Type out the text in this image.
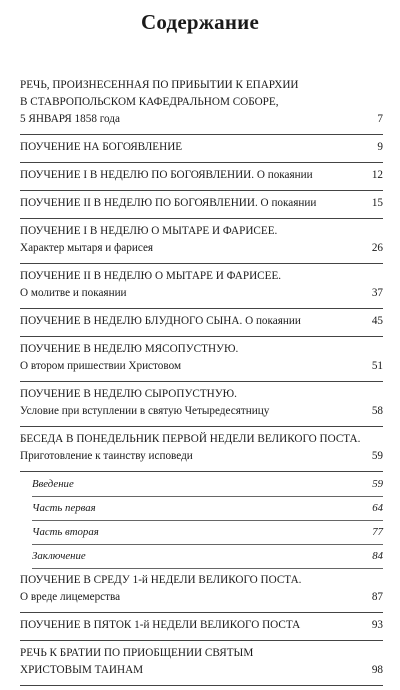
Содержание
РЕЧЬ, ПРОИЗНЕСЕННАЯ ПО ПРИБЫТИИ К ЕПАРХИИ
В СТАВРОПОЛЬСКОМ КАФЕДРАЛЬНОМ СОБОРЕ,
5 ЯНВАРЯ 1858 года	7
ПОУЧЕНИЕ НА БОГОЯВЛЕНИЕ	9
ПОУЧЕНИЕ I В НЕДЕЛЮ ПО БОГОЯВЛЕНИИ. О покаянии	12
ПОУЧЕНИЕ II В НЕДЕЛЮ ПО БОГОЯВЛЕНИИ. О покаянии	15
ПОУЧЕНИЕ I В НЕДЕЛЮ О МЫТАРЕ И ФАРИСЕЕ.
Характер мытаря и фарисея	26
ПОУЧЕНИЕ II В НЕДЕЛЮ О МЫТАРЕ И ФАРИСЕЕ.
О молитве и покаянии	37
ПОУЧЕНИЕ В НЕДЕЛЮ БЛУДНОГО СЫНА. О покаянии	45
ПОУЧЕНИЕ В НЕДЕЛЮ МЯСОПУСТНУЮ.
О втором пришествии Христовом	51
ПОУЧЕНИЕ В НЕДЕЛЮ СЫРОПУСТНУЮ.
Условие при вступлении в святую Четыредесятницу	58
БЕСЕДА В ПОНЕДЕЛЬНИК ПЕРВОЙ НЕДЕЛИ ВЕЛИКОГО ПОСТА.
Приготовление к таинству исповеди	59
Введение	59
Часть первая	64
Часть вторая	77
Заключение	84
ПОУЧЕНИЕ В СРЕДУ 1-й НЕДЕЛИ ВЕЛИКОГО ПОСТА.
О вреде лицемерства	87
ПОУЧЕНИЕ В ПЯТОК 1-й НЕДЕЛИ ВЕЛИКОГО ПОСТА	93
РЕЧЬ К БРАТИИ ПО ПРИОБЩЕНИИ СВЯТЫМ
ХРИСТОВЫМ ТАИНАМ	98
